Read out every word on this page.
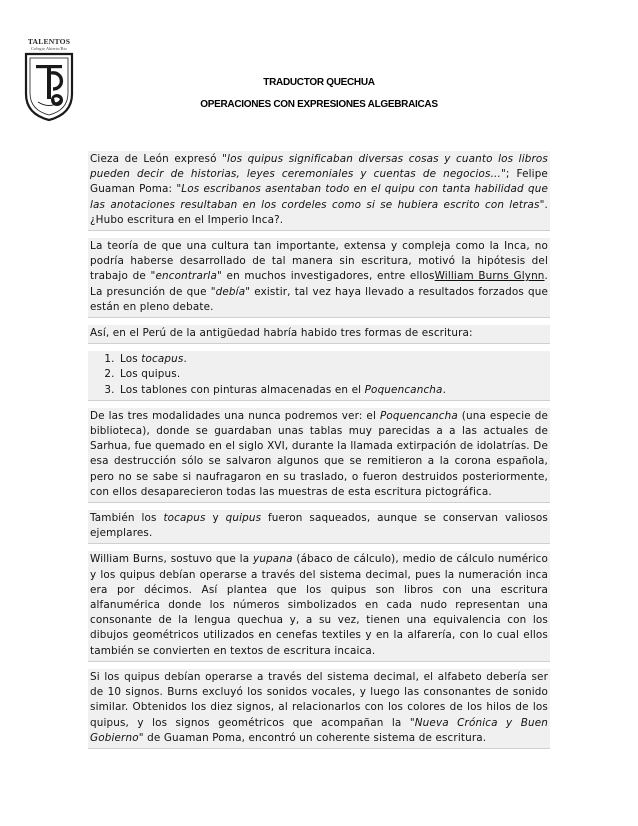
TALENTOS
Colegio Abierto/Bio
TRADUCTOR QUECHUA
OPERACIONES CON EXPRESIONES ALGEBRAICAS

Cieza de León expresó "los quipus significaban diversas cosas y cuanto los libros pueden decir de historias, leyes ceremoniales y cuentas de negocios..."; Felipe Guaman Poma: "Los escribanos asentaban todo en el quipu con tanta habilidad que las anotaciones resultaban en los cordeles como si se hubiera escrito con letras". ¿Hubo escritura en el Imperio Inca?.

La teoría de que una cultura tan importante, extensa y compleja como la Inca, no podría haberse desarrollado de tal manera sin escritura, motivó la hipótesis del trabajo de "encontrarla" en muchos investigadores, entre ellosWilliam Burns Glynn. La presunción de que "debía" existir, tal vez haya llevado a resultados forzados que están en pleno debate.

Así, en el Perú de la antigüedad habría habido tres formas de escritura:

1. Los tocapus.
2. Los quipus.
3. Los tablones con pinturas almacenadas en el Poquencancha.

De las tres modalidades una nunca podremos ver: el Poquencancha (una especie de biblioteca), donde se guardaban unas tablas muy parecidas a a las actuales de Sarhua, fue quemado en el siglo XVI, durante la llamada extirpación de idolatrías. De esa destrucción sólo se salvaron algunos que se remitieron a la corona española, pero no se sabe si naufragaron en su traslado, o fueron destruidos posteriormente, con ellos desaparecieron todas las muestras de esta escritura pictográfica.

También los tocapus y quipus fueron saqueados, aunque se conservan valiosos ejemplares.

William Burns, sostuvo que la yupana (ábaco de cálculo), medio de cálculo numérico y los quipus debían operarse a través del sistema decimal, pues la numeración inca era por décimos. Así plantea que los quipus son libros con una escritura alfanumérica donde los números simbolizados en cada nudo representan una consonante de la lengua quechua y, a su vez, tienen una equivalencia con los dibujos geométricos utilizados en cenefas textiles y en la alfarería, con lo cual ellos también se convierten en textos de escritura incaica.

Si los quipus debían operarse a través del sistema decimal, el alfabeto debería ser de 10 signos. Burns excluyó los sonidos vocales, y luego las consonantes de sonido similar. Obtenidos los diez signos, al relacionarlos con los colores de los hilos de los quipus, y los signos geométricos que acompañan la "Nueva Crónica y Buen Gobierno" de Guaman Poma, encontró un coherente sistema de escritura.
